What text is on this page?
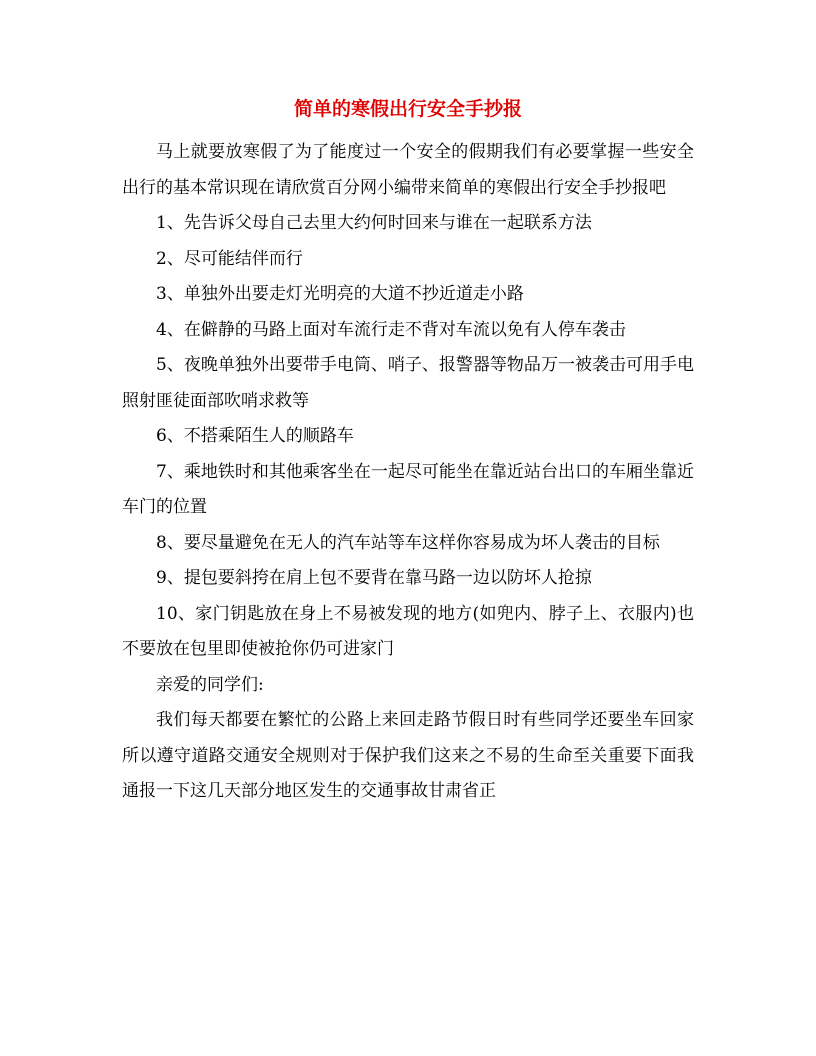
简单的寒假出行安全手抄报

马上就要放寒假了为了能度过一个安全的假期我们有必要掌握一些安全出行的基本常识现在请欣赏百分网小编带来简单的寒假出行安全手抄报吧

1、先告诉父母自己去里大约何时回来与谁在一起联系方法

2、尽可能结伴而行

3、单独外出要走灯光明亮的大道不抄近道走小路

4、在僻静的马路上面对车流行走不背对车流以免有人停车袭击

5、夜晚单独外出要带手电筒、哨子、报警器等物品万一被袭击可用手电照射匪徒面部吹哨求救等

6、不搭乘陌生人的顺路车

7、乘地铁时和其他乘客坐在一起尽可能坐在靠近站台出口的车厢坐靠近车门的位置

8、要尽量避免在无人的汽车站等车这样你容易成为坏人袭击的目标

9、提包要斜挎在肩上包不要背在靠马路一边以防坏人抢掠

10、家门钥匙放在身上不易被发现的地方(如兜内、脖子上、衣服内)也不要放在包里即使被抢你仍可进家门

亲爱的同学们:

我们每天都要在繁忙的公路上来回走路节假日时有些同学还要坐车回家所以遵守道路交通安全规则对于保护我们这来之不易的生命至关重要下面我通报一下这几天部分地区发生的交通事故甘肃省正
